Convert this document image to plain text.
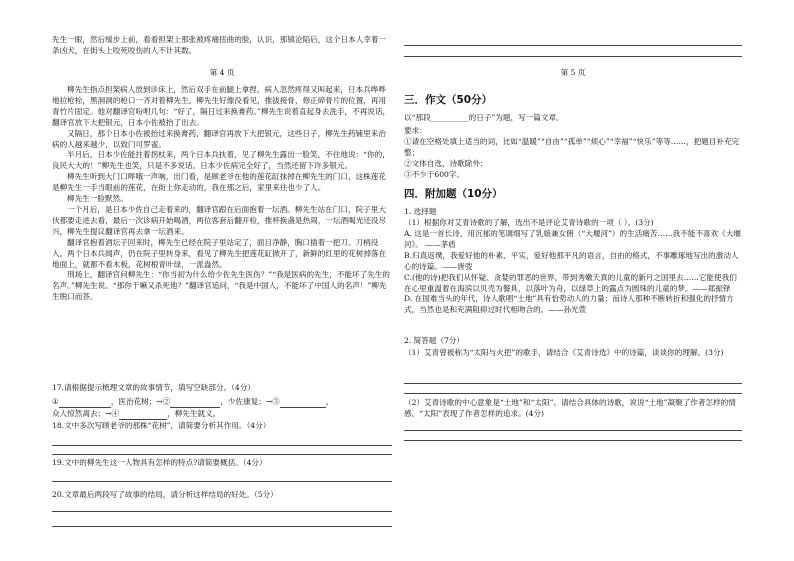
先生一眼，然后缓步上前，看看担架上那张被疼痛扭曲的脸，认识，那镇沦陷后，这个日本人幸着一条凶犬，在街头上咬死咬伤的人不计其数。

第 4 页

柳先生指点担架病人放到诊床上，然后双手在前腿上拿捏，病人忽然疼得又叫起来，日本兵哗哗地拉枪栓，黑洞洞的枪口一齐对着柳先生。柳先生好像没看见，推拔接骨，修正碎骨片的位置，再用青竹片固定。他对翻译官吩咐几句：“好了，隔日过来换膏药。”柳先生说着直起身去洗手，不再说话，翻译官放下大把银元，日本小佐被抬了出去。

又隔日，那个日本小佐被抬过来换膏药，翻译官再放下大把银元，这些日子，柳先生药铺里来治病的人越来越少，以致门可罗雀。

半月后，日本少佐能拄着拐杖来，两个日本兵扶着，见了柳先生露出一脸笑，不住地说：“你的，良民大大的！”柳先生也笑，只是不多说话。日本少佐病完全好了，当然还留下许多银元。

柳先生听到大门口哔哦一声响，出门看，是顾老爷在他的莲花缸抹掉在柳先生的门口，这株莲花是柳先生一手当眼前的莲花，在街上你走动的，我在那之后，家里来往也少了人。

柳先生一脸默然。

一个月后，是日本少佐自己走着来的，翻译官跟在后面抱着一坛酒。柳先生站在门口，院子里大伙都要走进去看，最后一次诊病开始喝酒，两位客套后翻开检，推杯换盏是热闹，一坛酒喝光还没尽兴，柳先生提议翻译官再去拿一坛酒来。

翻译官抱着酒坛子回来时，柳先生已经在院子里站定了，面目浄静，胸口插着一把刀。刀柄没入，两个日本兵闻声，仍在院子里转身来，看见了柳先生把莲花缸掀开了，新鲜的红里的花树掉落在地面上，就都不看木板，花树根青叶绿，一派盎然。

刑场上，翻译官问柳先生：“你当初为什么给少佐先生医伤？”“我是医病的先生，不能坏了先生的名声。”柳先生说。“那你干嘛又杀死他？”翻译官追问，“我是中国人，不能坏了中国人的名声！”柳先生脱口而答。

17.请根据提示梳理文章的故事情节，填写空缺部分。（4分）

①	，医治花树；→②	，少佐康复；→③	，
众人惊然离去；→④	，柳先生就义。

18.文中多次写顾老爷的那株“花树”，请简要分析其作用。（4分）

19.文中的柳先生这一人物具有怎样的特点?请简要概括。（4分）

20.文章最后两段写了故事的结局，请分析这样结局的好处。（5分）

第 5 页

三．作文（50分）

以“那段__________的日子”为题，写一篇文章。

要求：

①请在空格处填上适当的词，比如“温暖”“自由”“孤单”“烦心”“幸福”“快乐”等等……，把题目补充完整；

②文体自选，诗歌除外；

③不少于600字。

四．附加题（10分）

1. 选择题

（1）根据你对艾青诗歌的了解，选出不是评论艾青诗歌的一项（ ）。(3分)

A. 这是一首长诗，用沉郁的笔调细写了乳娘兼女佣（“大堰河”）的生活痛苦……我不能不喜欢《大堰河》。 ——茅盾

B.归真返璞，我爱好他的朴素、平实，爱好他那平凡的语言，自由的格式，不事雕琢地写出的激动人心的诗篇。——唐弢

C.(他的诗)把我们从怀疑、贪婪的罪恶的世界，带到秀嫩天真的儿童的新月之国里去……它能使我们在心里重温着在海滨以贝壳为餐具，以落叶为舟，以绿草上的露点为圆珠的儿童的梦。——郑振铎

D. 在国难当头的年代，诗人歌唱“土地”具有恰势动人的力量；而诗人那种不断转折和强化的抒情方式，当然也是和充满阻抑过时代相吻合的。——孙光萱

2. 简答题（7分）

（1）艾青曾被称为“太阳与火把”的歌手，请结合《艾青诗选》中的诗篇，谈谈你的理解。(3分)

（2）艾青诗歌的中心意象是“土地”和“太阳”。请结合具体的诗歌，说说“土地”凝聚了作者怎样的情感，“太阳”表现了作者怎样的追求。(4分)
